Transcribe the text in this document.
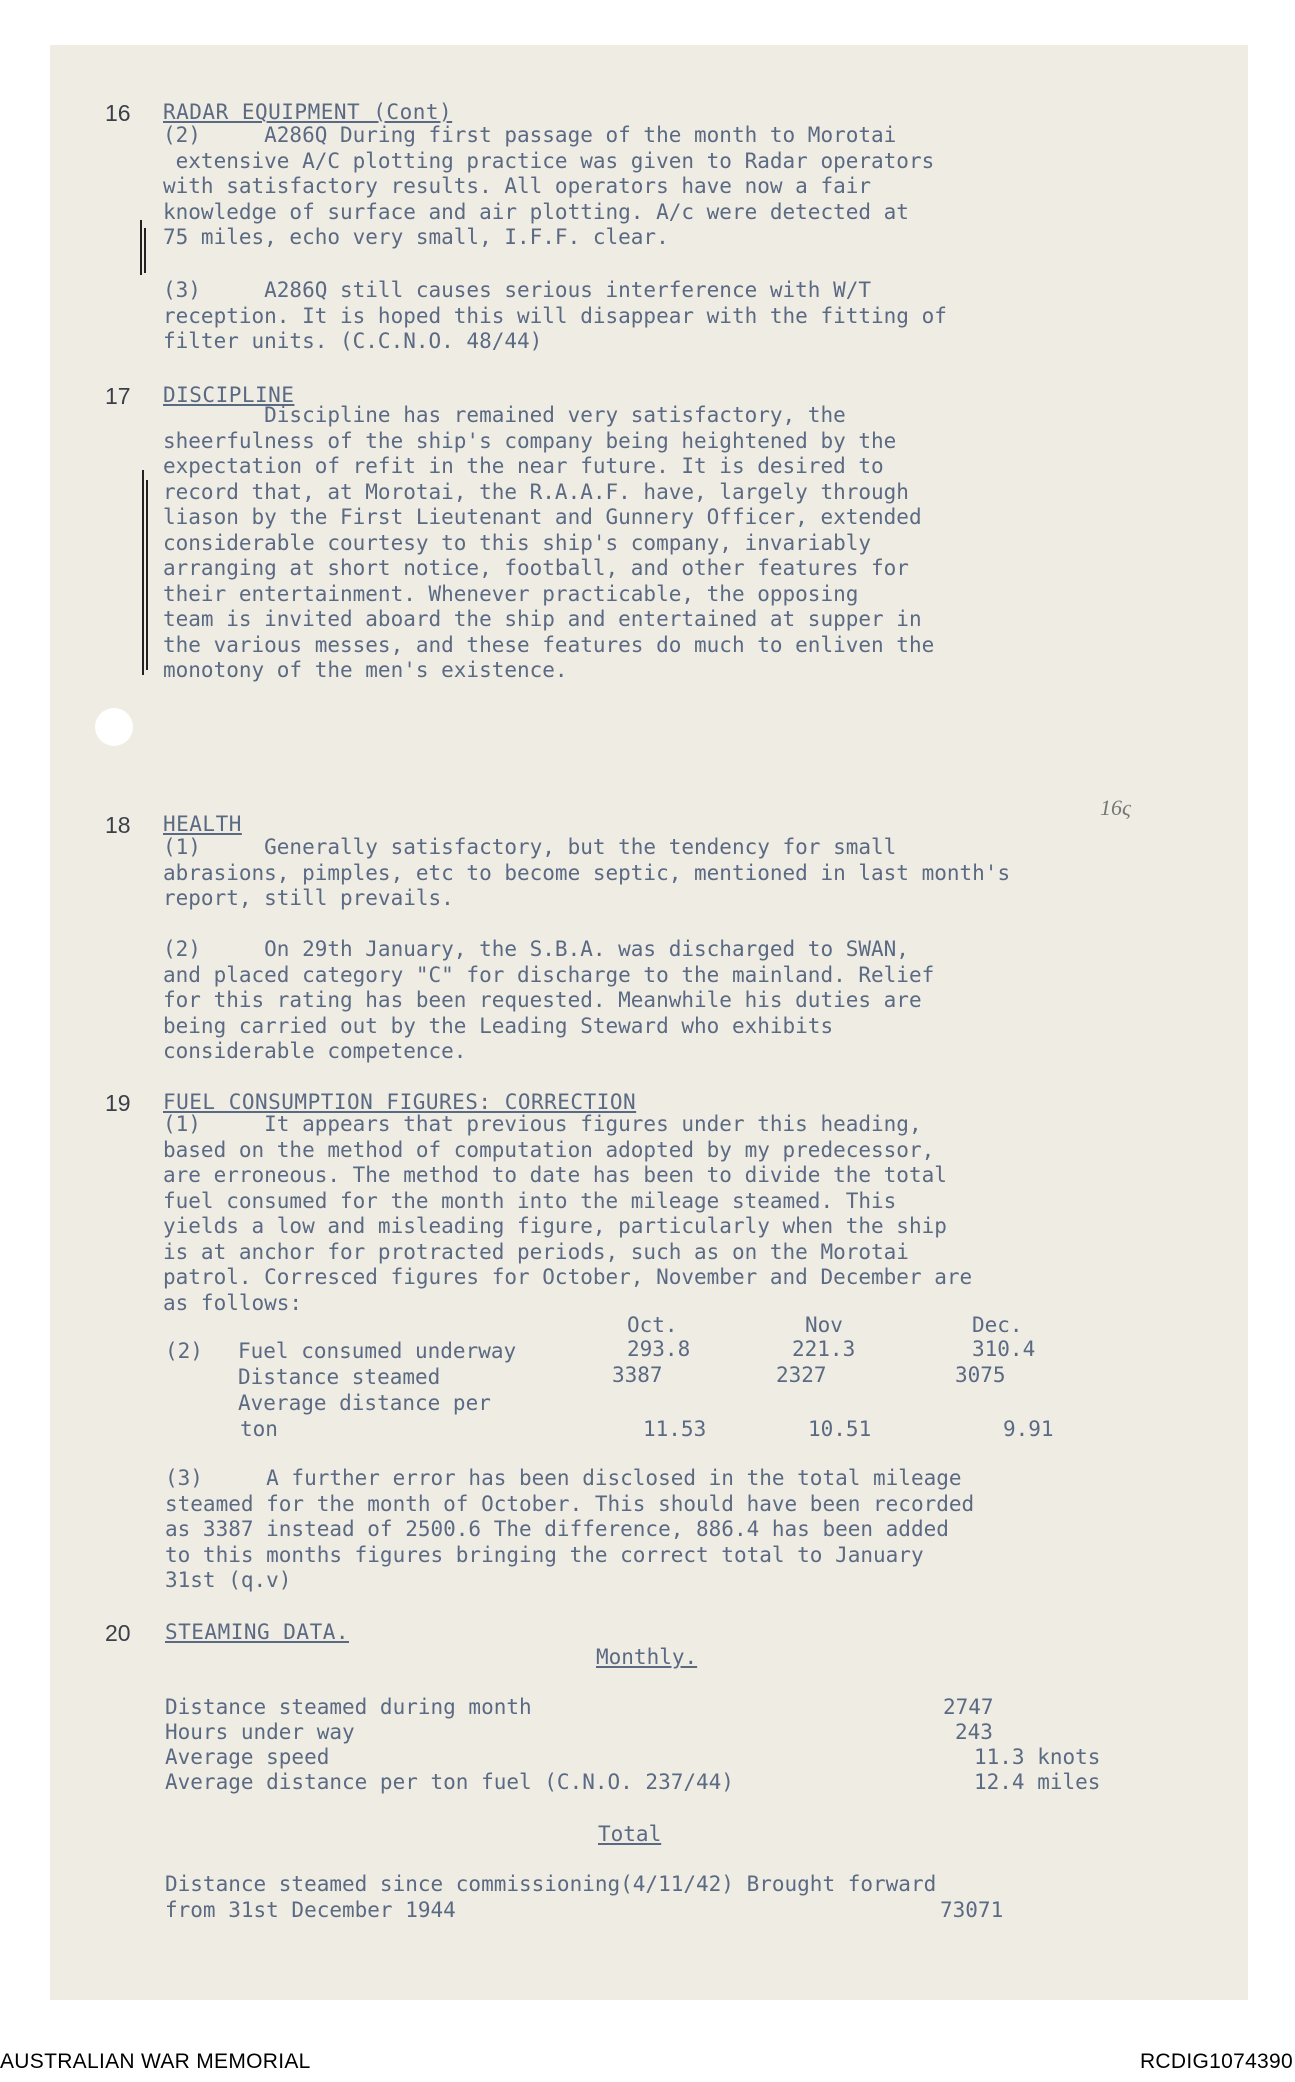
16 RADAR EQUIPMENT (Cont)
(2)     A286Q During first passage of the month to Morotai
extensive A/C plotting practice was given to Radar operators
with satisfactory results. All operators have now a fair
knowledge of surface and air plotting. A/c were detected at
75 miles, echo very small, I.F.F. clear.
(3)     A286Q still causes serious interference with W/T
reception. It is hoped this will disappear with the fitting of
filter units. (C.C.N.O. 48/44)
17 DISCIPLINE
Discipline has remained very satisfactory, the
sheerfulness of the ship's company being heightened by the
expectation of refit in the near future. It is desired to
record that, at Morotai, the R.A.A.F. have, largely through
liason by the First Lieutenant and Gunnery Officer, extended
considerable courtesy to this ship's company, invariably
arranging at short notice, football, and other features for
their entertainment. Whenever practicable, the opposing
team is invited aboard the ship and entertained at supper in
the various messes, and these features do much to enliven the
monotony of the men's existence.
16ς
18 HEALTH
(1)     Generally satisfactory, but the tendency for small
abrasions, pimples, etc to become septic, mentioned in last month's
report, still prevails.
(2)     On 29th January, the S.B.A. was discharged to SWAN,
and placed category "C" for discharge to the mainland. Relief
for this rating has been requested. Meanwhile his duties are
being carried out by the Leading Steward who exhibits
considerable competence.
19 FUEL CONSUMPTION FIGURES: CORRECTION
(1)     It appears that previous figures under this heading,
based on the method of computation adopted by my predecessor,
are erroneous. The method to date has been to divide the total
fuel consumed for the month into the mileage steamed. This
yields a low and misleading figure, particularly when the ship
is at anchor for protracted periods, such as on the Morotai
patrol. Corresced figures for October, November and December are
as follows:
Oct.	Nov	Dec.
(2) Fuel consumed underway	293.8	221.3	310.4
Distance steamed	3387	2327	3075
Average distance per
ton	11.53	10.51	9.91
(3)     A further error has been disclosed in the total mileage
steamed for the month of October. This should have been recorded
as 3387 instead of 2500.6 The difference, 886.4 has been added
to this months figures bringing the correct total to January
31st (q.v)
20 STEAMING DATA.
Monthly.
Distance steamed during month	2747
Hours under way	243
Average speed	11.3 knots
Average distance per ton fuel (C.N.O. 237/44)	12.4 miles
Total
Distance steamed since commissioning(4/11/42) Brought forward
from 31st December 1944	73071
AUSTRALIAN WAR MEMORIAL	RCDIG1074390
